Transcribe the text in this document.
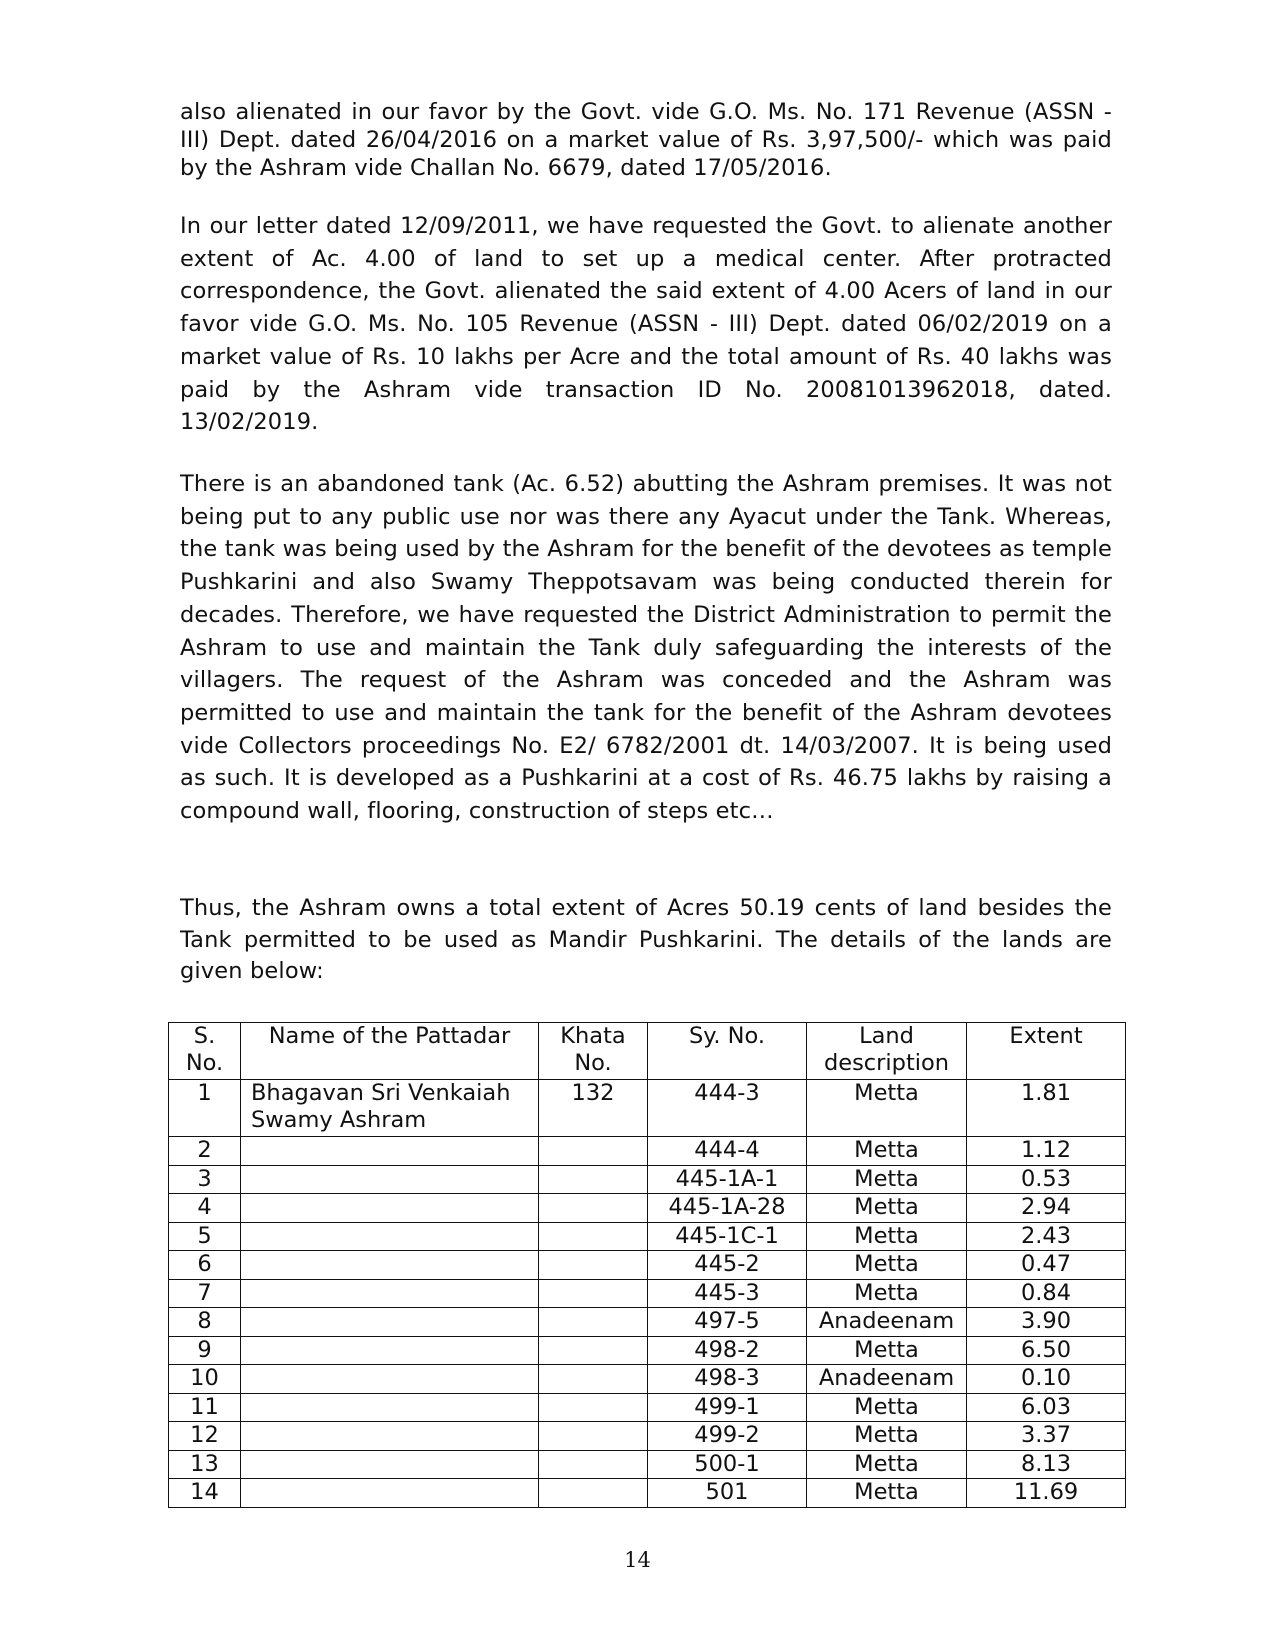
also alienated in our favor by the Govt. vide G.O. Ms. No. 171 Revenue (ASSN - III) Dept. dated 26/04/2016 on a market value of Rs. 3,97,500/- which was paid by the Ashram vide Challan No. 6679, dated 17/05/2016.

In our letter dated 12/09/2011, we have requested the Govt. to alienate another extent of Ac. 4.00 of land to set up a medical center. After protracted correspondence, the Govt. alienated the said extent of 4.00 Acers of land in our favor vide G.O. Ms. No. 105 Revenue (ASSN - III) Dept. dated 06/02/2019 on a market value of Rs. 10 lakhs per Acre and the total amount of Rs. 40 lakhs was paid by the Ashram vide transaction ID No. 20081013962018, dated. 13/02/2019.

There is an abandoned tank (Ac. 6.52) abutting the Ashram premises. It was not being put to any public use nor was there any Ayacut under the Tank. Whereas, the tank was being used by the Ashram for the benefit of the devotees as temple Pushkarini and also Swamy Theppotsavam was being conducted therein for decades. Therefore, we have requested the District Administration to permit the Ashram to use and maintain the Tank duly safeguarding the interests of the villagers. The request of the Ashram was conceded and the Ashram was permitted to use and maintain the tank for the benefit of the Ashram devotees vide Collectors proceedings No. E2/ 6782/2001 dt. 14/03/2007. It is being used as such. It is developed as a Pushkarini at a cost of Rs. 46.75 lakhs by raising a compound wall, flooring, construction of steps etc…

Thus, the Ashram owns a total extent of Acres 50.19 cents of land besides the Tank permitted to be used as Mandir Pushkarini. The details of the lands are given below:

S. No.	Name of the Pattadar	Khata No.	Sy. No.	Land description	Extent
1	Bhagavan Sri Venkaiah Swamy Ashram	132	444-3	Metta	1.81
2			444-4	Metta	1.12
3			445-1A-1	Metta	0.53
4			445-1A-28	Metta	2.94
5			445-1C-1	Metta	2.43
6			445-2	Metta	0.47
7			445-3	Metta	0.84
8			497-5	Anadeenam	3.90
9			498-2	Metta	6.50
10			498-3	Anadeenam	0.10
11			499-1	Metta	6.03
12			499-2	Metta	3.37
13			500-1	Metta	8.13
14			501	Metta	11.69
14
